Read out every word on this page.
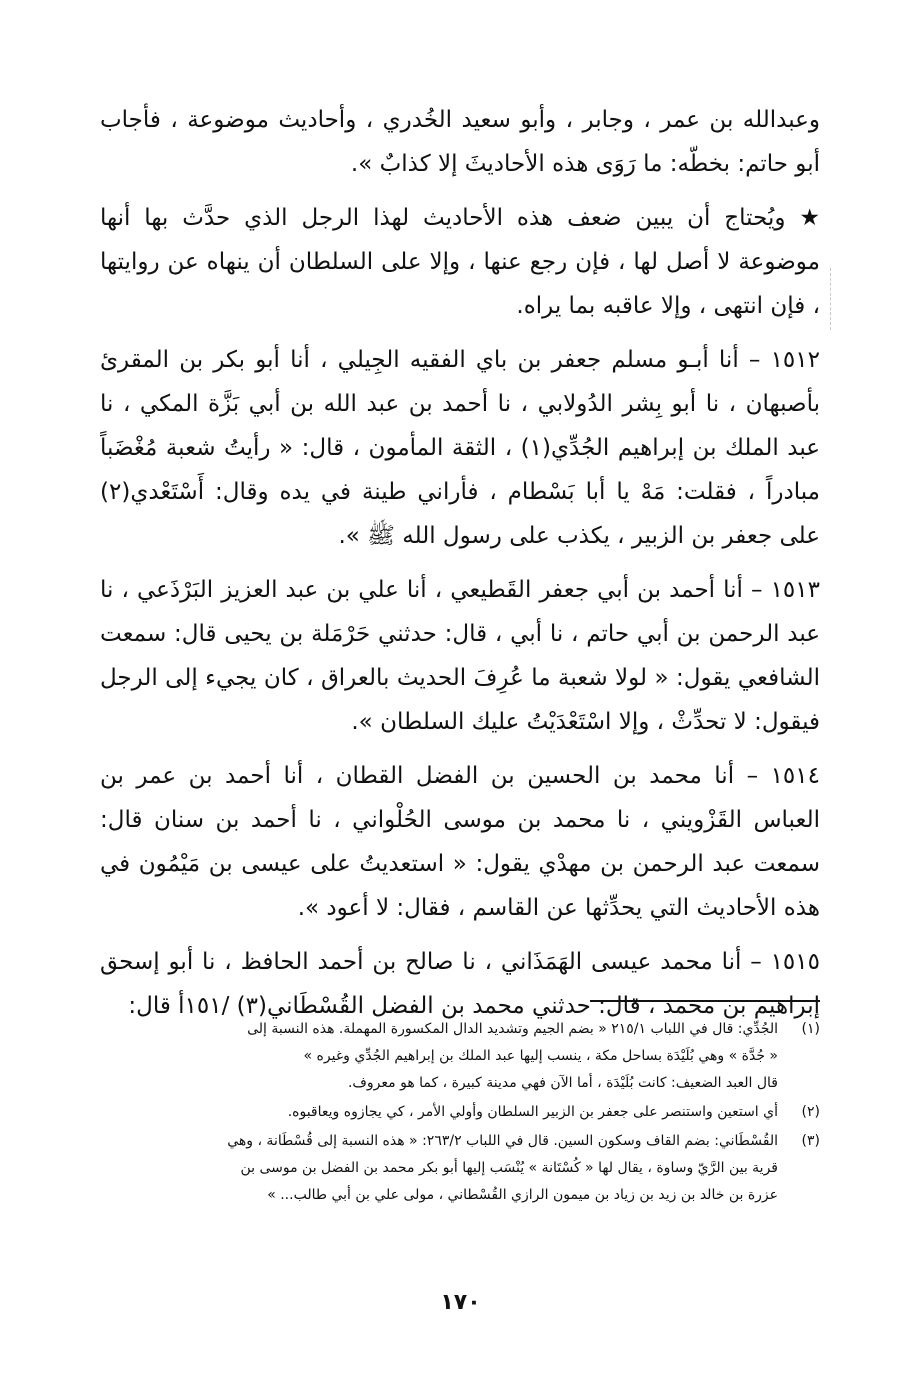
وعبدالله بن عمر ، وجابر ، وأبو سعيد الخُدري ، وأحاديث موضوعة ، فأجاب أبو حاتم: بخطّه: ما رَوَى هذه الأحاديثَ إلا كذابٌ ».

★ ويُحتاج أن يبين ضعف هذه الأحاديث لهذا الرجل الذي حدَّث بها أنها موضوعة لا أصل لها ، فإن رجع عنها ، وإلا على السلطان أن ينهاه عن روايتها ، فإن انتهى ، وإلا عاقبه بما يراه.

١٥١٢ – أنا أبـو مسلم جعفر بن باي الفقيه الجِيلي ، أنا أبو بكر بن المقرئ بأصبهان ، نا أبو بِشر الدُولابي ، نا أحمد بن عبد الله بن أبي بَزَّة المكي ، نا عبد الملك بن إبراهيم الجُدِّي(١) ، الثقة المأمون ، قال: « رأيتُ شعبة مُغْضَباً مبادراً ، فقلت: مَهْ يا أبا بَسْطام ، فأراني طينة في يده وقال: أَسْتَعْدي(٢) على جعفر بن الزبير ، يكذب على رسول الله ﷺ ».

١٥١٣ – أنا أحمد بن أبي جعفر القَطيعي ، أنا علي بن عبد العزيز البَرْذَعي ، نا عبد الرحمن بن أبي حاتم ، نا أبي ، قال: حدثني حَرْمَلة بن يحيى قال: سمعت الشافعي يقول: « لولا شعبة ما عُرِفَ الحديث بالعراق ، كان يجيء إلى الرجل فيقول: لا تحدِّثْ ، وإلا اسْتَعْدَيْتُ عليك السلطان ».

١٥١٤ – أنا محمد بن الحسين بن الفضل القطان ، أنا أحمد بن عمر بن العباس القَزْويني ، نا محمد بن موسى الحُلْواني ، نا أحمد بن سنان قال: سمعت عبد الرحمن بن مهدْي يقول: « استعديتُ على عيسى بن مَيْمُون في هذه الأحاديث التي يحدِّثها عن القاسم ، فقال: لا أعود ».

١٥١٥ – أنا محمد عيسى الهَمَذَاني ، نا صالح بن أحمد الحافظ ، نا أبو إسحق إبراهيم بن محمد ، قال: حدثني محمد بن الفضل القُسْطَاني(٣) /١٥١أ قال:

(١)
الجُدِّي: قال في اللباب ٢١٥/١ « بضم الجيم وتشديد الدال المكسورة المهملة. هذه النسبة إلى
« جُدَّة » وهي بُلَيْدَة بساحل مكة ، ينسب إليها عبد الملك بن إبراهيم الجُدِّي وغيره »
قال العبد الضعيف: كانت بُلَيْدَة ، أما الآن فهي مدينة كبيرة ، كما هو معروف.
(٢)
أي استعين واستنصر على جعفر بن الزبير السلطان وأولي الأمر ، كي يجازوه ويعاقبوه.
(٣)
القُسْطَاني: بضم القاف وسكون السين. قال في اللباب ٢٦٣/٢: « هذه النسبة إلى قُسْطَانة ، وهي
قرية بين الرَّيّ وساوة ، يقال لها « كُسْتَانة » يُنْسَب إليها أبو بكر محمد بن الفضل بن موسى بن
عزرة بن خالد بن زيد بن زياد بن ميمون الرازي القُسْطاني ، مولى علي بن أبي طالب... »
١٧٠
